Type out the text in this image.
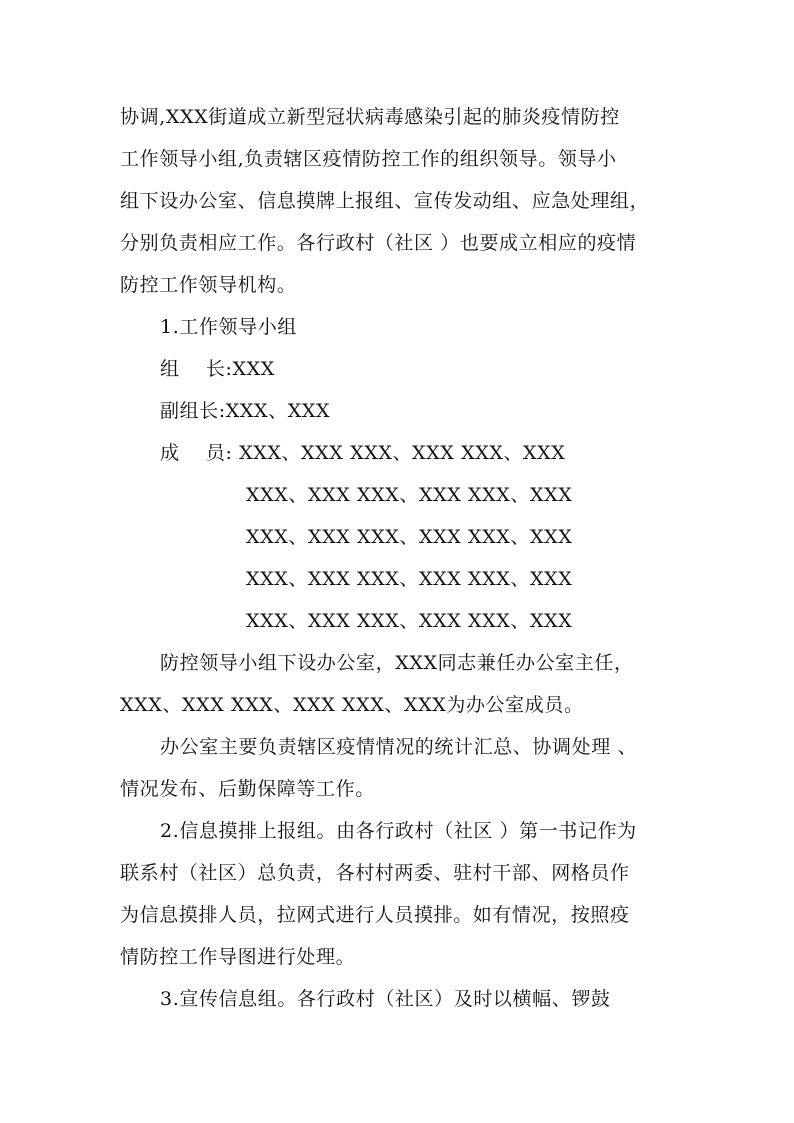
协调,XXX街道成立新型冠状病毒感染引起的肺炎疫情防控
工作领导小组,负责辖区疫情防控工作的组织领导。领导小
组下设办公室、信息摸牌上报组、宣传发动组、应急处理组，
分别负责相应工作。各行政村（社区 ）也要成立相应的疫情
防控工作领导机构。
1.工作领导小组
组　 长:XXX
副组长:XXX、XXX
成　 员: XXX、XXX XXX、XXX XXX、XXX
XXX、XXX XXX、XXX XXX、XXX
XXX、XXX XXX、XXX XXX、XXX
XXX、XXX XXX、XXX XXX、XXX
XXX、XXX XXX、XXX XXX、XXX
防控领导小组下设办公室，XXX同志兼任办公室主任，
XXX、XXX XXX、XXX XXX、XXX为办公室成员。
办公室主要负责辖区疫情情况的统计汇总、协调处理 、
情况发布、后勤保障等工作。
2.信息摸排上报组。由各行政村（社区 ）第一书记作为
联系村（社区）总负责，各村村两委、驻村干部、网格员作
为信息摸排人员，拉网式进行人员摸排。如有情况，按照疫
情防控工作导图进行处理。
3.宣传信息组。各行政村（社区）及时以横幅、锣鼓
